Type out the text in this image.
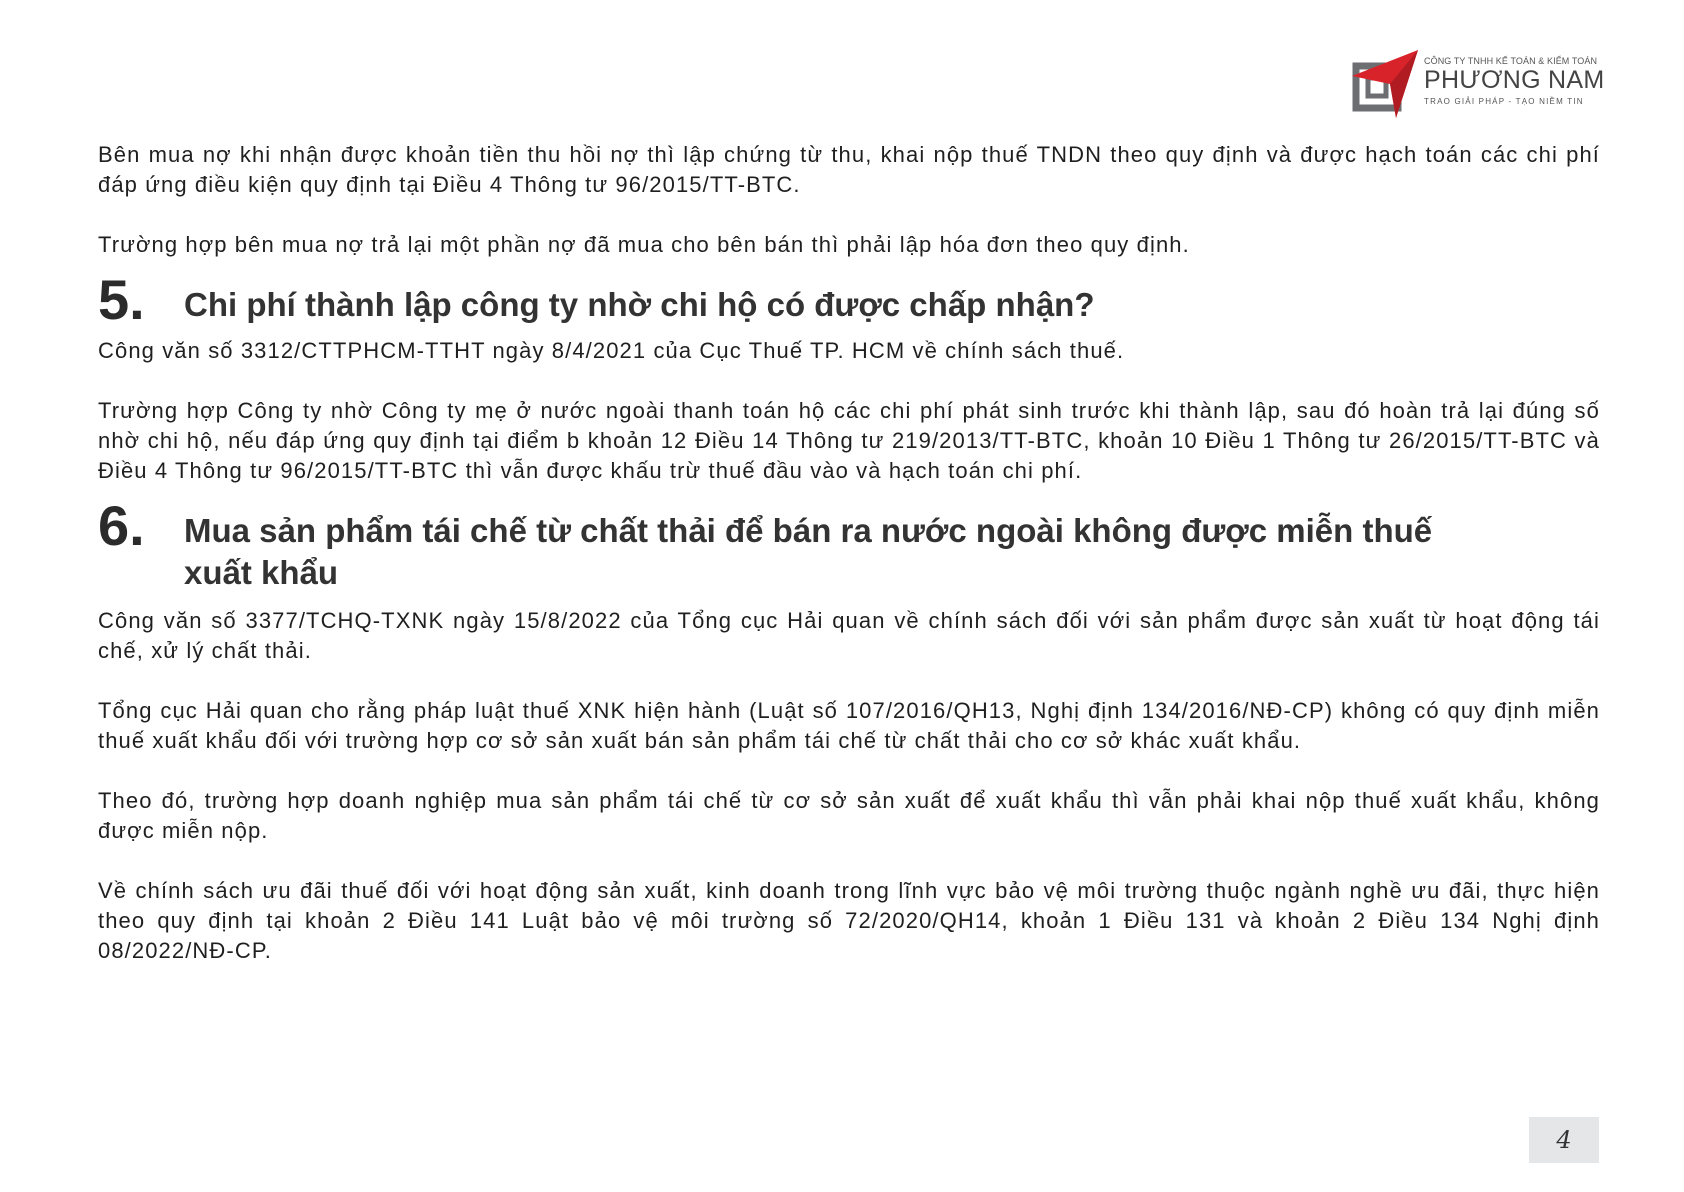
CÔNG TY TNHH KẾ TOÁN & KIỂM TOÁN
PHƯƠNG NAM
TRAO GIẢI PHÁP - TẠO NIỀM TIN

Bên mua nợ khi nhận được khoản tiền thu hồi nợ thì lập chứng từ thu, khai nộp thuế TNDN theo quy định và được hạch toán các chi phí đáp ứng điều kiện quy định tại Điều 4 Thông tư 96/2015/TT-BTC.

Trường hợp bên mua nợ trả lại một phần nợ đã mua cho bên bán thì phải lập hóa đơn theo quy định.

5. Chi phí thành lập công ty nhờ chi hộ có được chấp nhận?

Công văn số 3312/CTTPHCM-TTHT ngày 8/4/2021 của Cục Thuế TP. HCM về chính sách thuế.

Trường hợp Công ty nhờ Công ty mẹ ở nước ngoài thanh toán hộ các chi phí phát sinh trước khi thành lập, sau đó hoàn trả lại đúng số nhờ chi hộ, nếu đáp ứng quy định tại điểm b khoản 12 Điều 14 Thông tư 219/2013/TT-BTC, khoản 10 Điều 1 Thông tư 26/2015/TT-BTC và Điều 4 Thông tư 96/2015/TT-BTC thì vẫn được khấu trừ thuế đầu vào và hạch toán chi phí.

6. Mua sản phẩm tái chế từ chất thải để bán ra nước ngoài không được miễn thuế xuất khẩu

Công văn số 3377/TCHQ-TXNK ngày 15/8/2022 của Tổng cục Hải quan về chính sách đối với sản phẩm được sản xuất từ hoạt động tái chế, xử lý chất thải.

Tổng cục Hải quan cho rằng pháp luật thuế XNK hiện hành (Luật số 107/2016/QH13, Nghị định 134/2016/NĐ-CP) không có quy định miễn thuế xuất khẩu đối với trường hợp cơ sở sản xuất bán sản phẩm tái chế từ chất thải cho cơ sở khác xuất khẩu.

Theo đó, trường hợp doanh nghiệp mua sản phẩm tái chế từ cơ sở sản xuất để xuất khẩu thì vẫn phải khai nộp thuế xuất khẩu, không được miễn nộp.

Về chính sách ưu đãi thuế đối với hoạt động sản xuất, kinh doanh trong lĩnh vực bảo vệ môi trường thuộc ngành nghề ưu đãi, thực hiện theo quy định tại khoản 2 Điều 141 Luật bảo vệ môi trường số 72/2020/QH14, khoản 1 Điều 131 và khoản 2 Điều 134 Nghị định 08/2022/NĐ-CP.

4
